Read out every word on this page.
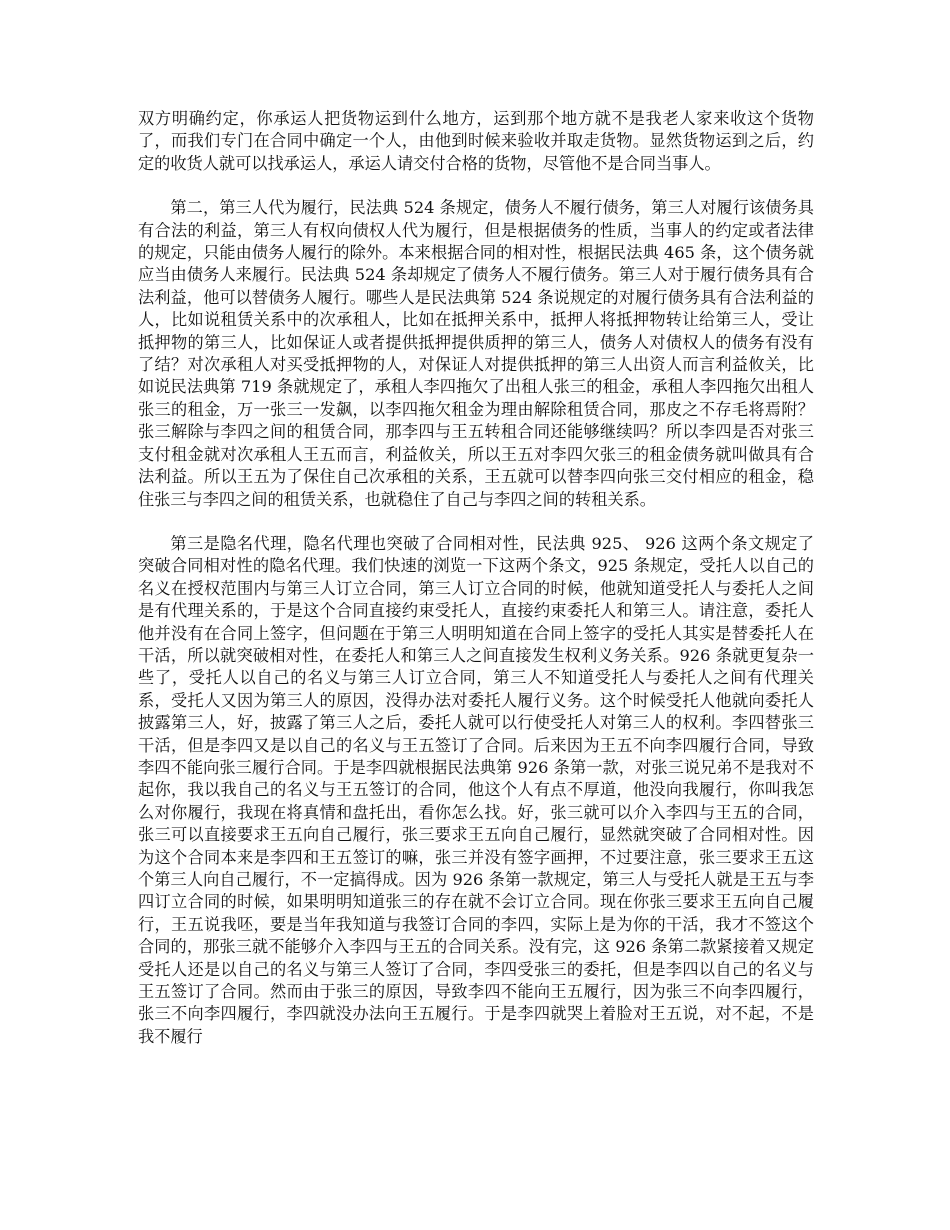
双方明确约定，你承运人把货物运到什么地方，运到那个地方就不是我老人家来收这个货物了，而我们专门在合同中确定一个人，由他到时候来验收并取走货物。显然货物运到之后，约定的收货人就可以找承运人，承运人请交付合格的货物，尽管他不是合同当事人。

第二，第三人代为履行，民法典 524 条规定，债务人不履行债务，第三人对履行该债务具有合法的利益，第三人有权向债权人代为履行，但是根据债务的性质，当事人的约定或者法律的规定，只能由债务人履行的除外。本来根据合同的相对性，根据民法典 465 条，这个债务就应当由债务人来履行。民法典 524 条却规定了债务人不履行债务。第三人对于履行债务具有合法利益，他可以替债务人履行。哪些人是民法典第 524 条说规定的对履行债务具有合法利益的人，比如说租赁关系中的次承租人，比如在抵押关系中，抵押人将抵押物转让给第三人，受让抵押物的第三人，比如保证人或者提供抵押提供质押的第三人，债务人对债权人的债务有没有了结？对次承租人对买受抵押物的人，对保证人对提供抵押的第三人出资人而言利益攸关，比如说民法典第 719 条就规定了，承租人李四拖欠了出租人张三的租金，承租人李四拖欠出租人张三的租金，万一张三一发飙，以李四拖欠租金为理由解除租赁合同，那皮之不存毛将焉附？张三解除与李四之间的租赁合同，那李四与王五转租合同还能够继续吗？所以李四是否对张三支付租金就对次承租人王五而言，利益攸关，所以王五对李四欠张三的租金债务就叫做具有合法利益。所以王五为了保住自己次承租的关系，王五就可以替李四向张三交付相应的租金，稳住张三与李四之间的租赁关系，也就稳住了自己与李四之间的转租关系。

第三是隐名代理，隐名代理也突破了合同相对性，民法典 925、 926 这两个条文规定了突破合同相对性的隐名代理。我们快速的浏览一下这两个条文，925 条规定，受托人以自己的名义在授权范围内与第三人订立合同，第三人订立合同的时候，他就知道受托人与委托人之间是有代理关系的，于是这个合同直接约束受托人，直接约束委托人和第三人。请注意，委托人他并没有在合同上签字，但问题在于第三人明明知道在合同上签字的受托人其实是替委托人在干活，所以就突破相对性，在委托人和第三人之间直接发生权利义务关系。926 条就更复杂一些了，受托人以自己的名义与第三人订立合同，第三人不知道受托人与委托人之间有代理关系，受托人又因为第三人的原因，没得办法对委托人履行义务。这个时候受托人他就向委托人披露第三人，好，披露了第三人之后，委托人就可以行使受托人对第三人的权利。李四替张三干活，但是李四又是以自己的名义与王五签订了合同。后来因为王五不向李四履行合同，导致李四不能向张三履行合同。于是李四就根据民法典第 926 条第一款，对张三说兄弟不是我对不起你，我以我自己的名义与王五签订的合同，他这个人有点不厚道，他没向我履行，你叫我怎么对你履行，我现在将真情和盘托出，看你怎么找。好，张三就可以介入李四与王五的合同，张三可以直接要求王五向自己履行，张三要求王五向自己履行，显然就突破了合同相对性。因为这个合同本来是李四和王五签订的嘛，张三并没有签字画押，不过要注意，张三要求王五这个第三人向自己履行，不一定搞得成。因为 926 条第一款规定，第三人与受托人就是王五与李四订立合同的时候，如果明明知道张三的存在就不会订立合同。现在你张三要求王五向自己履行，王五说我呸，要是当年我知道与我签订合同的李四，实际上是为你的干活，我才不签这个合同的，那张三就不能够介入李四与王五的合同关系。没有完，这 926 条第二款紧接着又规定受托人还是以自己的名义与第三人签订了合同，李四受张三的委托，但是李四以自己的名义与王五签订了合同。然而由于张三的原因，导致李四不能向王五履行，因为张三不向李四履行，张三不向李四履行，李四就没办法向王五履行。于是李四就哭上着脸对王五说，对不起，不是我不履行
